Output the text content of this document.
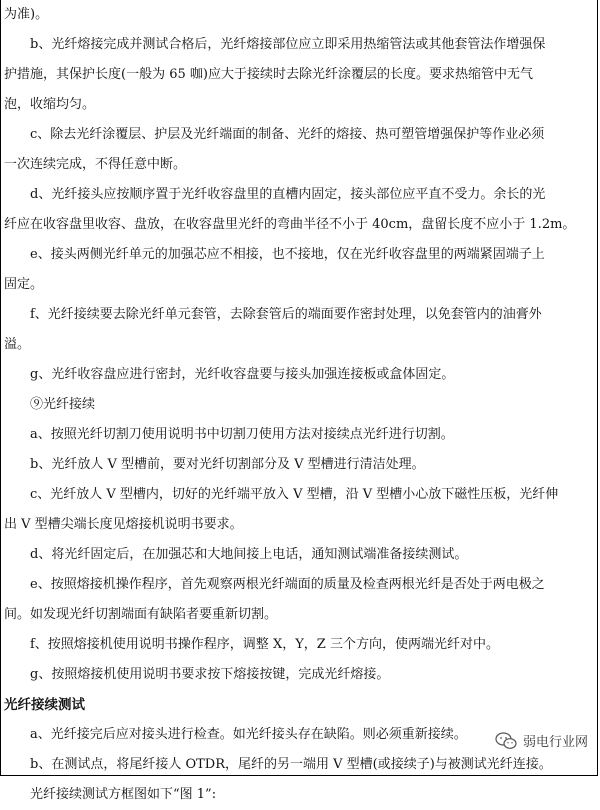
为准)。
　　b、光纤熔接完成并测试合格后，光纤熔接部位应立即采用热缩管法或其他套管法作增强保
护措施，其保护长度(一般为 65 咖)应大于接续时去除光纤涂覆层的长度。要求热缩管中无气
泡，收缩均匀。
　　c、除去光纤涂覆层、护层及光纤端面的制备、光纤的熔接、热可塑管增强保护等作业必须
一次连续完成，不得任意中断。
　　d、光纤接头应按顺序置于光纤收容盘里的直槽内固定，接头部位应平直不受力。余长的光
纤应在收容盘里收容、盘放，在收容盘里光纤的弯曲半径不小于 40cm，盘留长度不应小于 1.2m。
　　e、接头两侧光纤单元的加强芯应不相接，也不接地，仅在光纤收容盘里的两端紧固端子上
固定。
　　f、光纤接续要去除光纤单元套管，去除套管后的端面要作密封处理，以免套管内的油膏外
溢。
　　g、光纤收容盘应进行密封，光纤收容盘要与接头加强连接板或盒体固定。
　　⑨光纤接续
　　a、按照光纤切割刀使用说明书中切割刀使用方法对接续点光纤进行切割。
　　b、光纤放人 V 型槽前，要对光纤切割部分及 V 型槽进行清洁处理。
　　c、光纤放人 V 型槽内，切好的光纤端平放入 V 型槽，沿 V 型槽小心放下磁性压板，光纤伸
出 V 型槽尖端长度见熔接机说明书要求。
　　d、将光纤固定后，在加强芯和大地间接上电话，通知测试端准备接续测试。
　　e、按照熔接机操作程序，首先观察两根光纤端面的质量及检查两根光纤是否处于两电极之
间。如发现光纤切割端面有缺陷者要重新切割。
　　f、按照熔接机使用说明书操作程序，调整 X，Y，Z 三个方向，使两端光纤对中。
　　g、按照熔接机使用说明书要求按下熔接按键，完成光纤熔接。
光纤接续测试
　　a、光纤接完后应对接头进行检查。如光纤接头存在缺陷。则必须重新接续。
　　b、在测试点，将尾纤接人 OTDR，尾纤的另一端用 V 型槽(或接续子)与被测试光纤连接。
　　光纤接续测试方框图如下“图 1”:
弱电行业网
